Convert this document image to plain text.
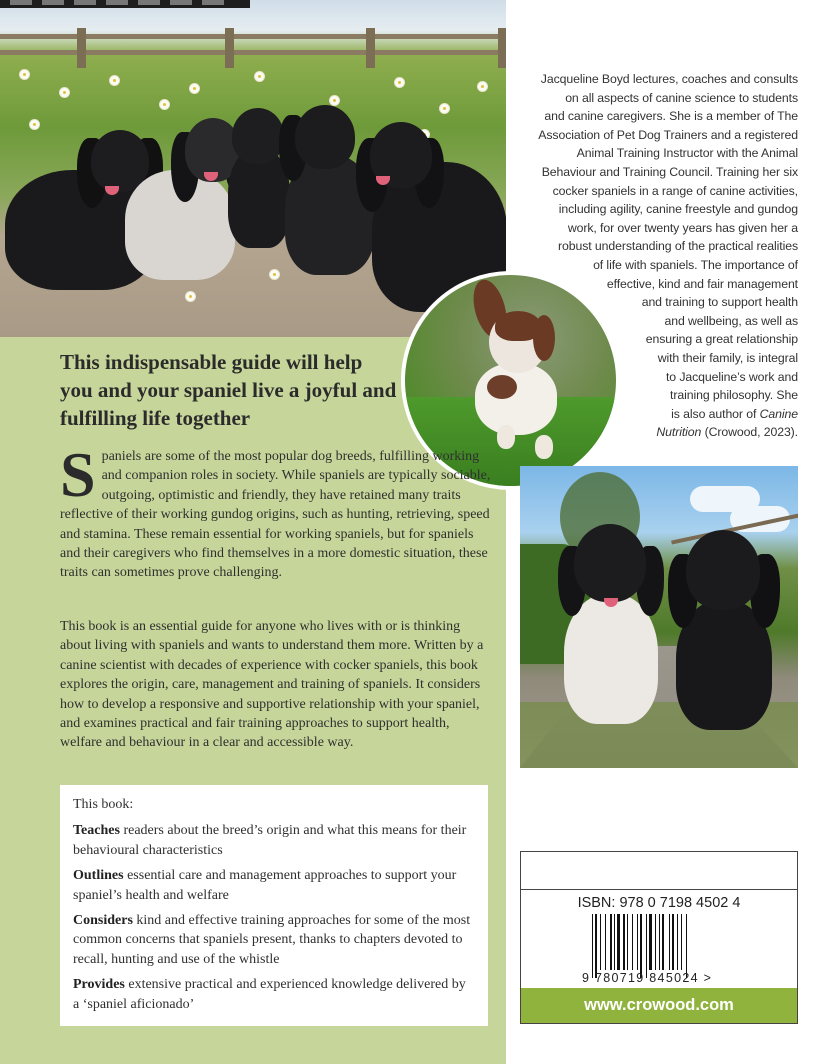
This indispensable guide will help you and your spaniel live a joyful and fulfilling life together

Spaniels are some of the most popular dog breeds, fulfilling working and companion roles in society. While spaniels are typically sociable, outgoing, optimistic and friendly, they have retained many traits reflective of their working gundog origins, such as hunting, retrieving, speed and stamina. These remain essential for working spaniels, but for spaniels and their caregivers who find themselves in a more domestic situation, these traits can sometimes prove challenging.

This book is an essential guide for anyone who lives with or is thinking about living with spaniels and wants to understand them more. Written by a canine scientist with decades of experience with cocker spaniels, this book explores the origin, care, management and training of spaniels. It considers how to develop a responsive and supportive relationship with your spaniel, and examines practical and fair training approaches to support health, welfare and behaviour in a clear and accessible way.

This book:

Teaches readers about the breed’s origin and what this means for their behavioural characteristics

Outlines essential care and management approaches to support your spaniel’s health and welfare

Considers kind and effective training approaches for some of the most common concerns that spaniels present, thanks to chapters devoted to recall, hunting and use of the whistle

Provides extensive practical and experienced knowledge delivered by a ‘spaniel aficionado’

Jacqueline Boyd lectures, coaches and consults
on all aspects of canine science to students
and canine caregivers. She is a member of The
Association of Pet Dog Trainers and a registered
Animal Training Instructor with the Animal
Behaviour and Training Council. Training her six
cocker spaniels in a range of canine activities,
including agility, canine freestyle and gundog
work, for over twenty years has given her a
robust understanding of the practical realities
of life with spaniels. The importance of
effective, kind and fair management
and training to support health
and wellbeing, as well as
ensuring a great relationship
with their family, is integral
to Jacqueline’s work and
training philosophy. She
is also author of Canine
Nutrition (Crowood, 2023).
ISBN: 978 0 7198 4502 4
9 780719 845024 >
www.crowood.com
